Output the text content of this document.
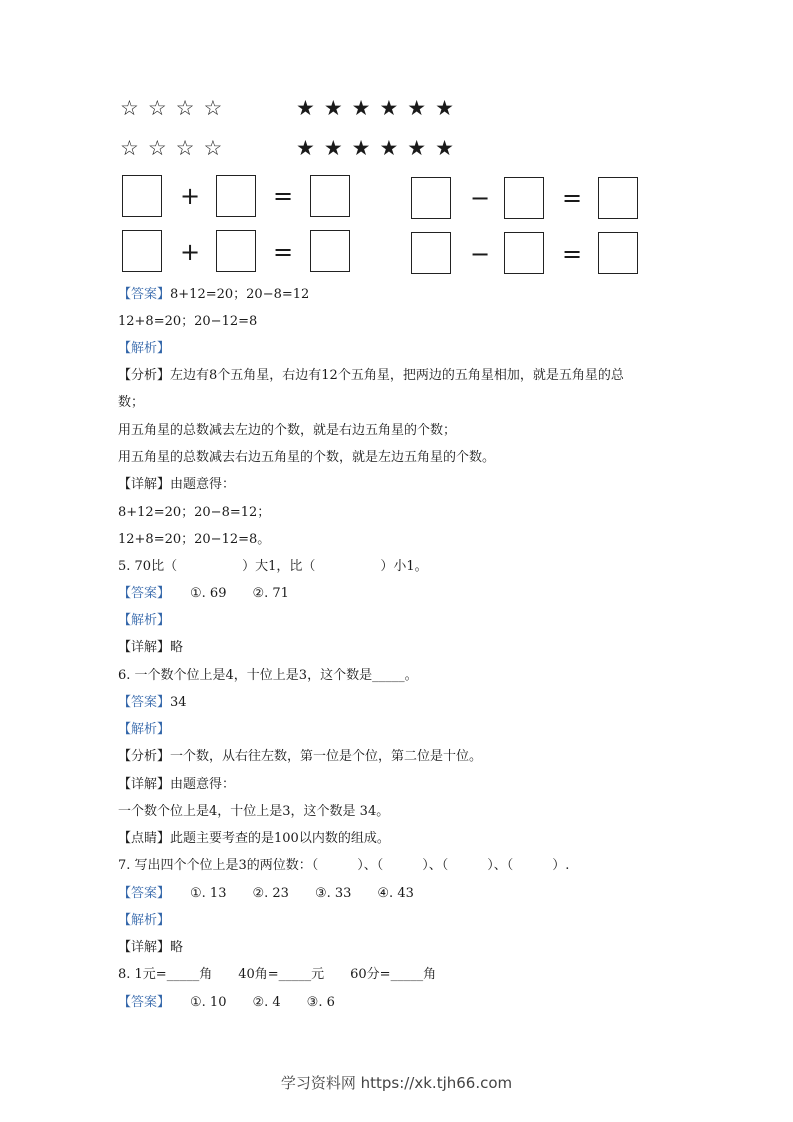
☆☆☆☆	★★★★★★
☆☆☆☆	★★★★★★
+	=	−	=
+	=	−	=
【答案】8+12=20；20−8=12
12+8=20；20−12=8
【解析】
【分析】左边有8个五角星，右边有12个五角星，把两边的五角星相加，就是五角星的总
数；
用五角星的总数减去左边的个数，就是右边五角星的个数；
用五角星的总数减去右边五角星的个数，就是左边五角星的个数。
【详解】由题意得：
8+12=20；20−8=12；
12+8=20；20−12=8。
5. 70比（　　　　　）大1，比（　　　　　）小1。
【答案】 ①. 69　　②. 71
【解析】
【详解】略
6. 一个数个位上是4，十位上是3，这个数是_____。
【答案】34
【解析】
【分析】一个数，从右往左数，第一位是个位，第二位是十位。
【详解】由题意得：
一个数个位上是4，十位上是3，这个数是 34。
【点睛】此题主要考查的是100以内数的组成。
7. 写出四个个位上是3的两位数：（　　　）、（　　　）、（　　　）、（　　　）.
【答案】 ①. 13　　②. 23　　③. 33　　④. 43
【解析】
【详解】略
8. 1元=_____角　　40角=_____元　　60分=_____角
【答案】 ①. 10　　②. 4　　③. 6
学习资料网 https://xk.tjh66.com
